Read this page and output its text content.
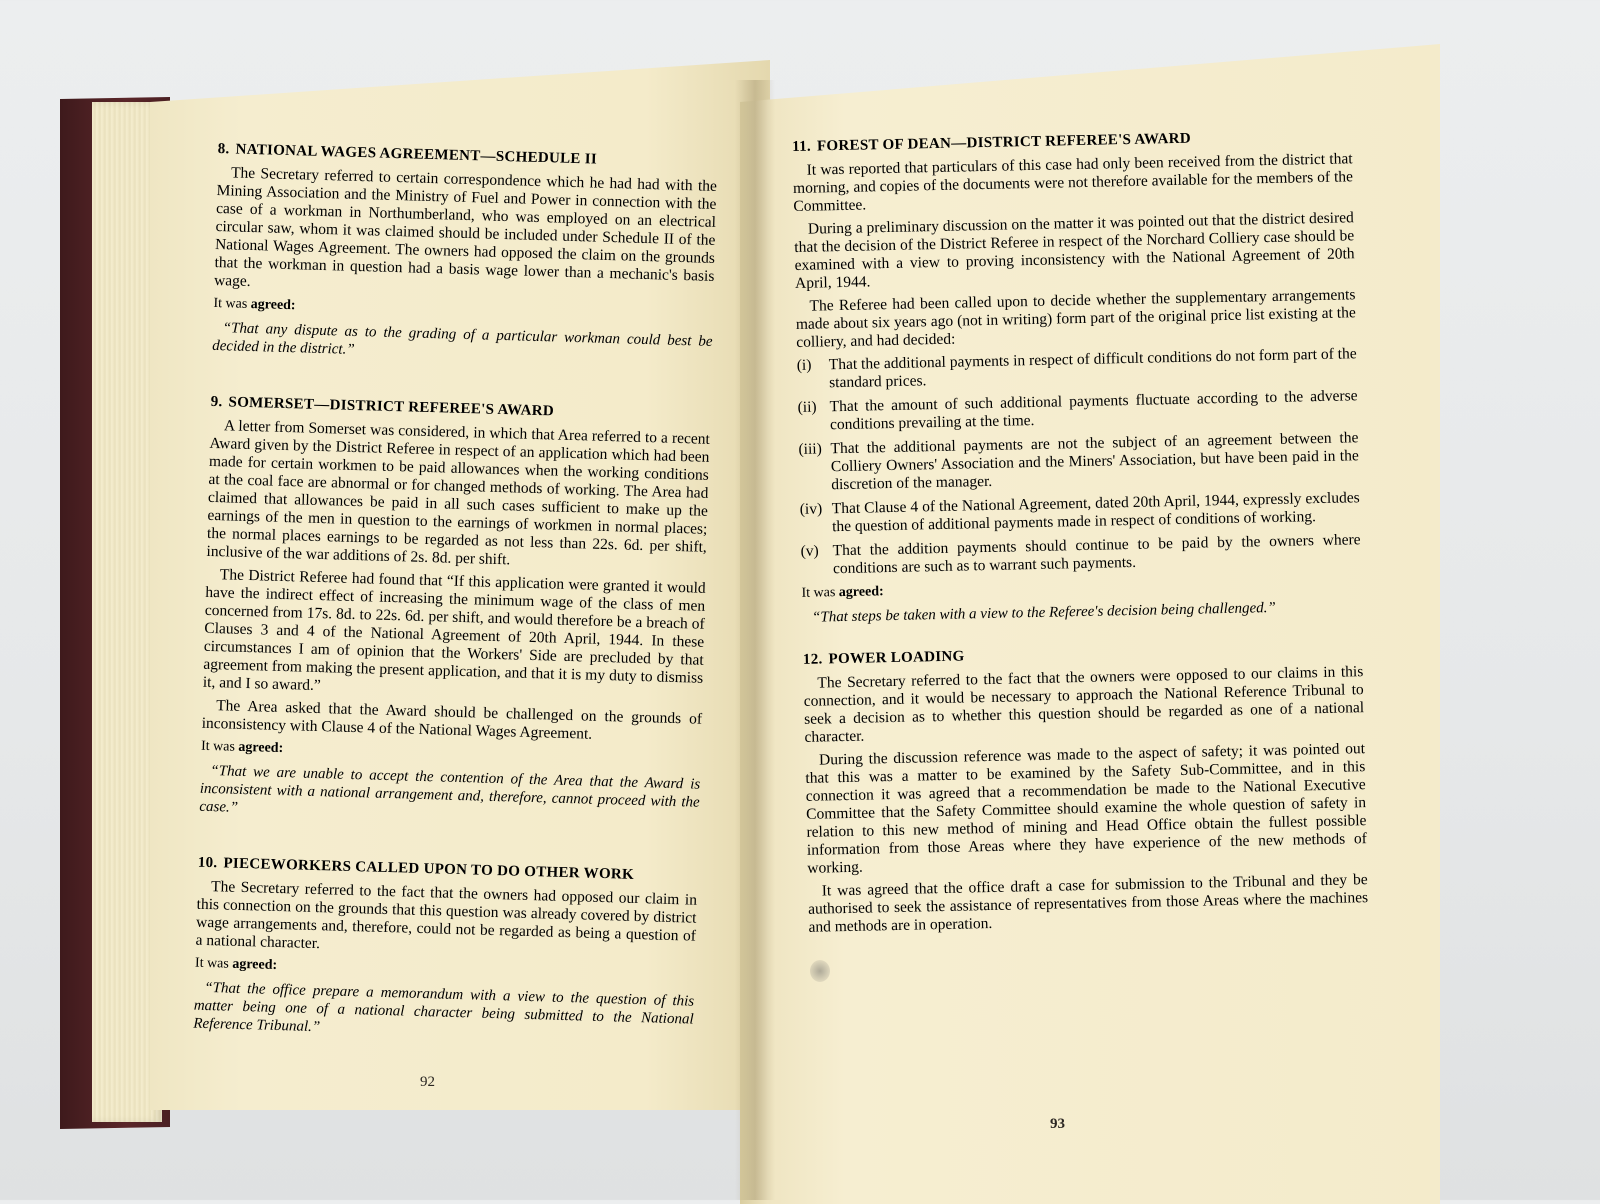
8. NATIONAL WAGES AGREEMENT—SCHEDULE II

The Secretary referred to certain correspondence which he had had with the Mining Association and the Ministry of Fuel and Power in connection with the case of a workman in Northumberland, who was employed on an electrical circular saw, whom it was claimed should be included under Schedule II of the National Wages Agreement. The owners had opposed the claim on the grounds that the workman in question had a basis wage lower than a mechanic's basis wage.

It was agreed:
“That any dispute as to the grading of a particular workman could best be decided in the district.”
9. SOMERSET—DISTRICT REFEREE'S AWARD

A letter from Somerset was considered, in which that Area referred to a recent Award given by the District Referee in respect of an application which had been made for certain workmen to be paid allowances when the working conditions at the coal face are abnormal or for changed methods of working. The Area had claimed that allowances be paid in all such cases sufficient to make up the earnings of the men in question to the earnings of workmen in normal places; the normal places earnings to be regarded as not less than 22s. 6d. per shift, inclusive of the war additions of 2s. 8d. per shift.

The District Referee had found that “If this application were granted it would have the indirect effect of increasing the minimum wage of the class of men concerned from 17s. 8d. to 22s. 6d. per shift, and would therefore be a breach of Clauses 3 and 4 of the National Agreement of 20th April, 1944. In these circumstances I am of opinion that the Workers' Side are precluded by that agreement from making the present application, and that it is my duty to dismiss it, and I so award.”

The Area asked that the Award should be challenged on the grounds of inconsistency with Clause 4 of the National Wages Agreement.

It was agreed:
“That we are unable to accept the contention of the Area that the Award is inconsistent with a national arrangement and, therefore, cannot proceed with the case.”
10. PIECEWORKERS CALLED UPON TO DO OTHER WORK

The Secretary referred to the fact that the owners had opposed our claim in this connection on the grounds that this question was already covered by district wage arrangements and, therefore, could not be regarded as being a question of a national character.

It was agreed:
“That the office prepare a memorandum with a view to the question of this matter being one of a national character being submitted to the National Reference Tribunal.”
92
11. FOREST OF DEAN—DISTRICT REFEREE'S AWARD

It was reported that particulars of this case had only been received from the district that morning, and copies of the documents were not therefore available for the members of the Committee.

During a preliminary discussion on the matter it was pointed out that the district desired that the decision of the District Referee in respect of the Norchard Colliery case should be examined with a view to proving inconsistency with the National Agreement of 20th April, 1944.

The Referee had been called upon to decide whether the supplementary arrangements made about six years ago (not in writing) form part of the original price list existing at the colliery, and had decided:

(i)	That the additional payments in respect of difficult conditions do not form part of the standard prices.
(ii) That the amount of such additional payments fluctuate according to the adverse conditions prevailing at the time.
(iii) That the additional payments are not the subject of an agreement between the Colliery Owners' Association and the Miners' Association, but have been paid in the discretion of the manager.
(iv) That Clause 4 of the National Agreement, dated 20th April, 1944, expressly excludes the question of additional payments made in respect of conditions of working.
(v) That the addition payments should continue to be paid by the owners where conditions are such as to warrant such payments.
It was agreed:
“That steps be taken with a view to the Referee's decision being challenged.”
12. POWER LOADING

The Secretary referred to the fact that the owners were opposed to our claims in this connection, and it would be necessary to approach the National Reference Tribunal to seek a decision as to whether this question should be regarded as one of a national character.

During the discussion reference was made to the aspect of safety; it was pointed out that this was a matter to be examined by the Safety Sub-Committee, and in this connection it was agreed that a recommendation be made to the National Executive Committee that the Safety Committee should examine the whole question of safety in relation to this new method of mining and Head Office obtain the fullest possible information from those Areas where they have experience of the new methods of working.

It was agreed that the office draft a case for submission to the Tribunal and they be authorised to seek the assistance of representatives from those Areas where the machines and methods are in operation.

93
